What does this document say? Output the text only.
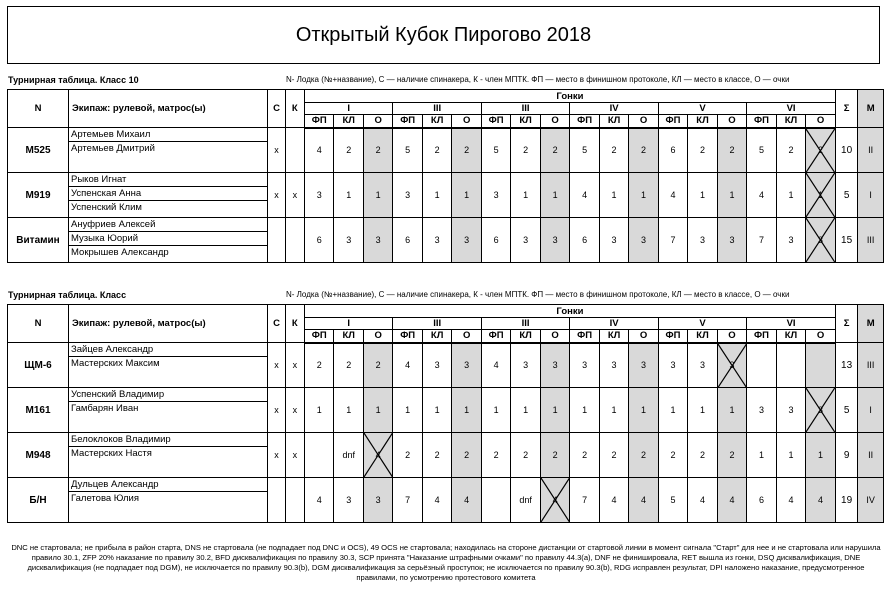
Открытый Кубок Пирогово 2018
Турнирная таблица. Класс 10	N- Лодка (№+название), С — наличие спинакера, К - член МПТК. ФП — место в финишном протоколе, КЛ — место в классе, О — очки
N	Экипаж: рулевой, матрос(ы)	С	К	Гонки																		Σ	М
				I			III			III			IV			V			VI				
				ФП	КЛ	О	ФП	КЛ	О	ФП	КЛ	О	ФП	КЛ	О	ФП	КЛ	О	ФП	КЛ	О		
М525	Артемьев Михаил
Артемьев Дмитрий	x		4	2	2	5	2	2	5	2	2	5	2	2	6	2	2	5	2	2	10	II
М919	Рыков Игнат
Успенская Анна
Успенский Клим	x	x	3	1	1	3	1	1	3	1	1	4	1	1	4	1	1	4	1	1	5	I
Витамин	Ануфриев Алексей
Музыка Юорий
Мокрышев Александр			6	3	3	6	3	3	6	3	3	6	3	3	7	3	3	7	3	3	15	III
Турнирная таблица. Класс	N- Лодка (№+название), С — наличие спинакера, К - член МПТК. ФП — место в финишном протоколе, КЛ — место в классе, О — очки
N	Экипаж: рулевой, матрос(ы)	С	К	Гонки																		Σ	М
				I			III			III			IV			V			VI				
				ФП	КЛ	О	ФП	КЛ	О	ФП	КЛ	О	ФП	КЛ	О	ФП	КЛ	О	ФП	КЛ	О		
ЩМ-6	Зайцев Александр
Мастерских Максим	x	x	2	2	2	4	3	3	4	3	3	3	3	3	3	3	3				13	III
М161	Успенский Владимир
Гамбарян Иван	x	x	1	1	1	1	1	1	1	1	1	1	1	1	1	1	1	3	3	3	5	I
М948	Белоклоков Владимир
Мастерских Настя	x	x		dnf	4	2	2	2	2	2	2	2	2	2	2	2	2	1	1	1	9	II
Б/Н	Дульцев Александр
Галетова Юлия			4	3	3	7	4	4		dnf	4	7	4	4	5	4	4	6	4	4	19	IV
DNC не стартовала; не прибыла в район старта, DNS не стартовала (не подпадает под DNC и OCS), 49 OCS не стартовала; находилась на стороне дистанции от стартовой линии в момент сигнала "Старт" для нее и не стартовала или нарушила правило 30.1, ZFP 20% наказание по правилу 30.2, BFD дисквалификация по правилу 30.3, SCP принята "Наказание штрафными очками" по правилу 44.3(a), DNF не финишировала, RET вышла из гонки, DSQ дисквалификация, DNE дисквалификация (не подпадает под DGM), не исключается по правилу 90.3(b), DGM дисквалификация за серьёзный проступок; не исключается по правилу 90.3(b), RDG исправлен результат, DPI наложено наказание, предусмотренное правилами, по усмотрению протестового комитета
